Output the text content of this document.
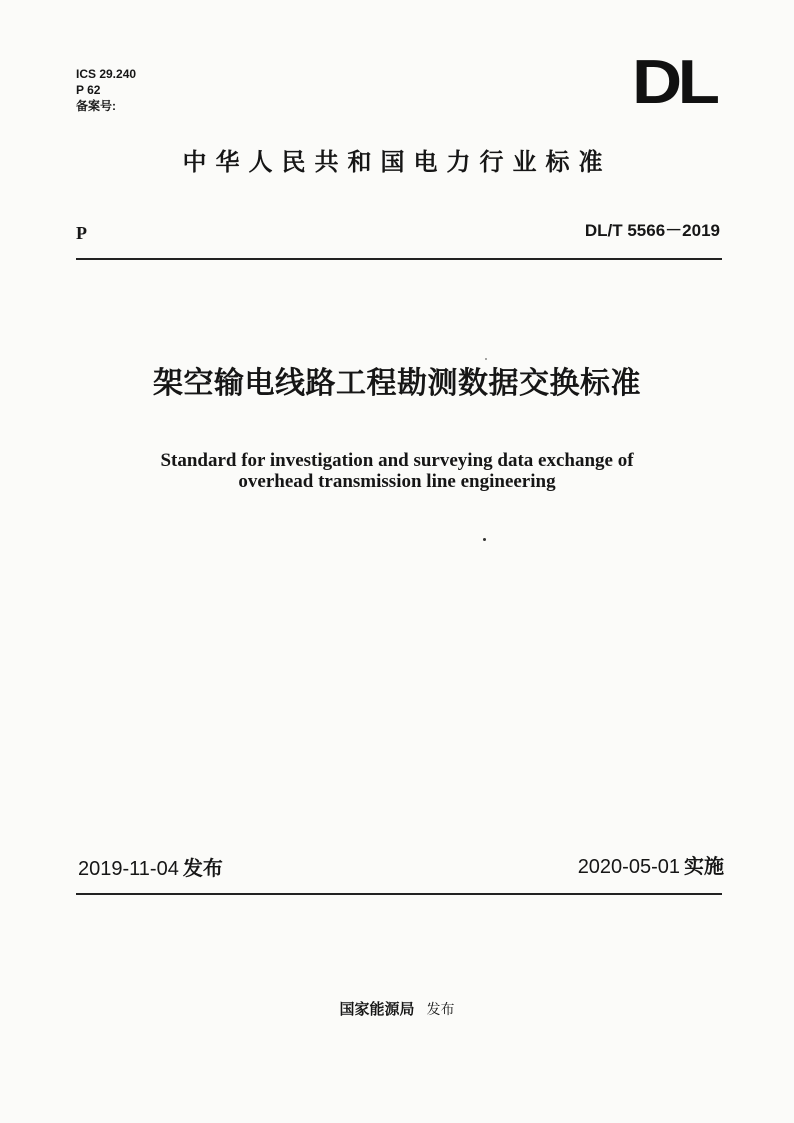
ICS 29.240
P 62
备案号:	DL
中华人民共和国电力行业标准
P	DL/T 5566－2019
架空输电线路工程勘测数据交换标准
Standard for investigation and surveying data exchange of
overhead transmission line engineering
2019-11-04 发布	2020-05-01 实施
国家能源局 发布
